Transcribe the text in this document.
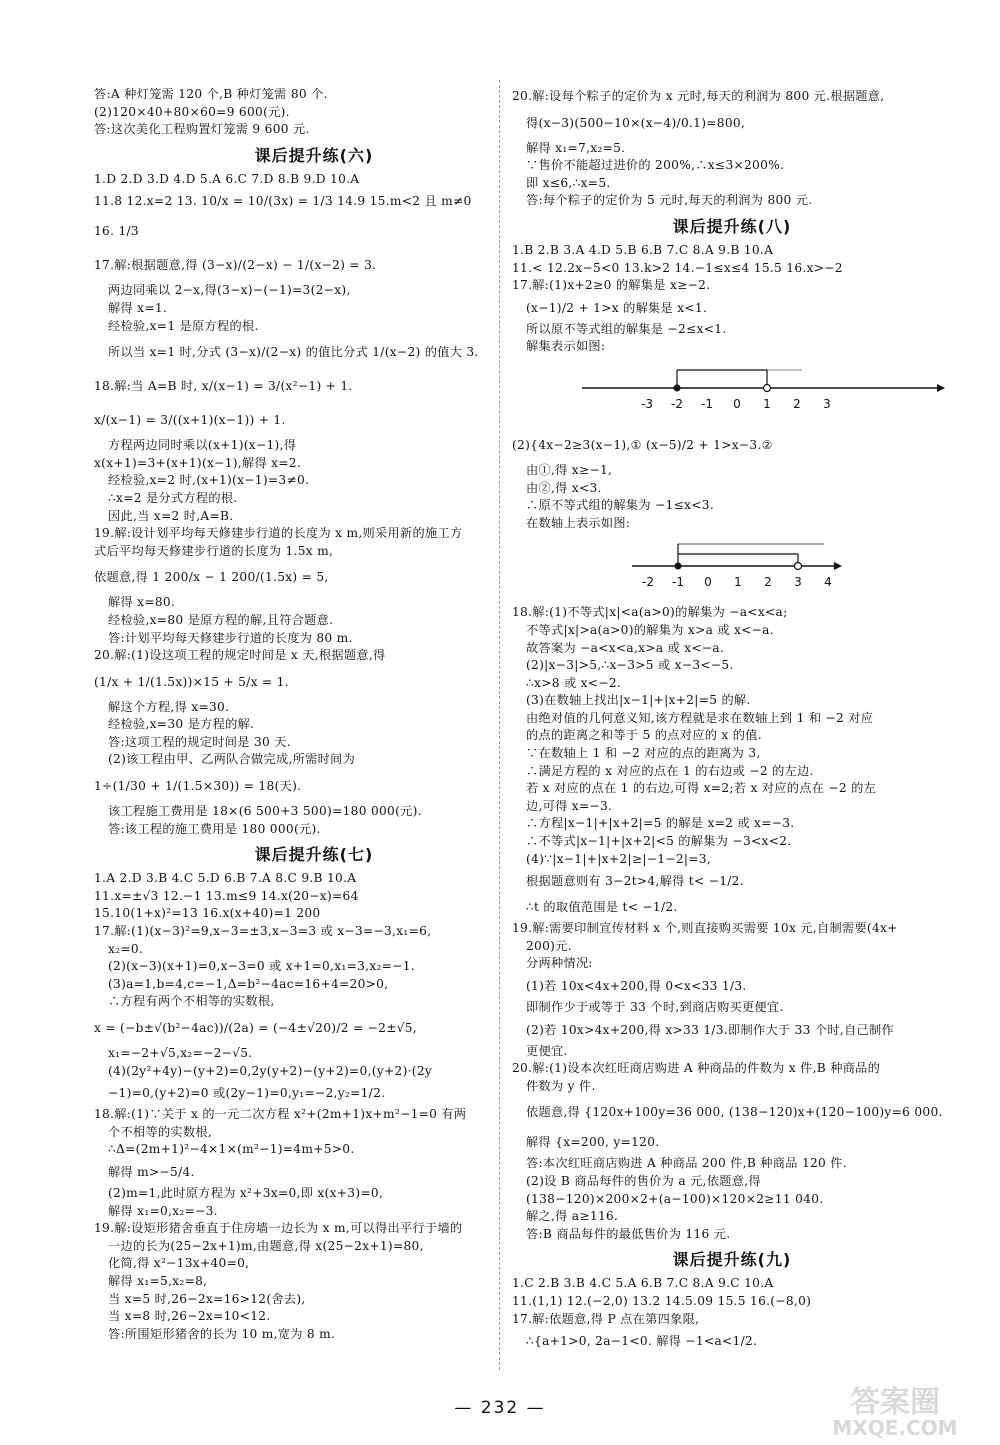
答:A 种灯笼需 120 个,B 种灯笼需 80 个.
(2)120×40+80×60=9 600(元).
答:这次美化工程购置灯笼需 9 600 元.
课后提升练(六)
1.D 2.D 3.D 4.D 5.A 6.C 7.D 8.B 9.D 10.A
11.8 12.x=2 13. 10/x = 10/(3x) = 1/3 14.9 15.m<2 且 m≠0
16. 1/3
17.解:根据题意,得 (3−x)/(2−x) − 1/(x−2) = 3.
两边同乘以 2−x,得(3−x)−(−1)=3(2−x),
解得 x=1.
经检验,x=1 是原方程的根.
所以当 x=1 时,分式 (3−x)/(2−x) 的值比分式 1/(x−2) 的值大 3.
18.解:当 A=B 时, x/(x−1) = 3/(x²−1) + 1.
x/(x−1) = 3/((x+1)(x−1)) + 1.
方程两边同时乘以(x+1)(x−1),得
x(x+1)=3+(x+1)(x−1),解得 x=2.
经检验,x=2 时,(x+1)(x−1)=3≠0.
∴x=2 是分式方程的根.
因此,当 x=2 时,A=B.
19.解:设计划平均每天修建步行道的长度为 x m,则采用新的施工方
式后平均每天修建步行道的长度为 1.5x m,
依题意,得 1 200/x − 1 200/(1.5x) = 5,
解得 x=80.
经检验,x=80 是原方程的解,且符合题意.
答:计划平均每天修建步行道的长度为 80 m.
20.解:(1)设这项工程的规定时间是 x 天,根据题意,得
(1/x + 1/(1.5x))×15 + 5/x = 1.
解这个方程,得 x=30.
经检验,x=30 是方程的解.
答:这项工程的规定时间是 30 天.
(2)该工程由甲、乙两队合做完成,所需时间为
1÷(1/30 + 1/(1.5×30)) = 18(天).
该工程施工费用是 18×(6 500+3 500)=180 000(元).
答:该工程的施工费用是 180 000(元).
课后提升练(七)
1.A 2.D 3.B 4.C 5.D 6.B 7.A 8.C 9.B 10.A
11.x=±√3 12.−1 13.m≤9 14.x(20−x)=64
15.10(1+x)²=13 16.x(x+40)=1 200
17.解:(1)(x−3)²=9,x−3=±3,x−3=3 或 x−3=−3,x₁=6,
x₂=0.
(2)(x−3)(x+1)=0,x−3=0 或 x+1=0,x₁=3,x₂=−1.
(3)a=1,b=4,c=−1,Δ=b²−4ac=16+4=20>0,
∴方程有两个不相等的实数根,
x = (−b±√(b²−4ac))/(2a) = (−4±√20)/2 = −2±√5,
x₁=−2+√5,x₂=−2−√5.
(4)(2y²+4y)−(y+2)=0,2y(y+2)−(y+2)=0,(y+2)·(2y
−1)=0,(y+2)=0 或(2y−1)=0,y₁=−2,y₂=1/2.
18.解:(1)∵关于 x 的一元二次方程 x²+(2m+1)x+m²−1=0 有两
个不相等的实数根,
∴Δ=(2m+1)²−4×1×(m²−1)=4m+5>0.
解得 m>−5/4.
(2)m=1,此时原方程为 x²+3x=0,即 x(x+3)=0,
解得 x₁=0,x₂=−3.
19.解:设矩形猪舍垂直于住房墙一边长为 x m,可以得出平行于墙的
一边的长为(25−2x+1)m,由题意,得 x(25−2x+1)=80,
化简,得 x²−13x+40=0,
解得 x₁=5,x₂=8,
当 x=5 时,26−2x=16>12(舍去),
当 x=8 时,26−2x=10<12.
答:所围矩形猪舍的长为 10 m,宽为 8 m.
20.解:设每个粽子的定价为 x 元时,每天的利润为 800 元.根据题意,
得(x−3)(500−10×(x−4)/0.1)=800,
解得 x₁=7,x₂=5.
∵售价不能超过进价的 200%,∴x≤3×200%.
即 x≤6,∴x=5.
答:每个粽子的定价为 5 元时,每天的利润为 800 元.
课后提升练(八)
1.B 2.B 3.A 4.D 5.B 6.B 7.C 8.A 9.B 10.A
11.< 12.2x−5<0 13.k>2 14.−1≤x≤4 15.5 16.x>−2
17.解:(1)x+2≥0 的解集是 x≥−2.
(x−1)/2 + 1>x 的解集是 x<1.
所以原不等式组的解集是 −2≤x<1.
解集表示如图:
-3 -2 -1 0 1 2 3
(2){4x−2≥3(x−1),① (x−5)/2 + 1>x−3.②
由①,得 x≥−1,
由②,得 x<3.
∴原不等式组的解集为 −1≤x<3.
在数轴上表示如图:
-2 -1 0 1 2 3 4
18.解:(1)不等式|x|<a(a>0)的解集为 −a<x<a;
不等式|x|>a(a>0)的解集为 x>a 或 x<−a.
故答案为 −a<x<a,x>a 或 x<−a.
(2)|x−3|>5,∴x−3>5 或 x−3<−5.
∴x>8 或 x<−2.
(3)在数轴上找出|x−1|+|x+2|=5 的解.
由绝对值的几何意义知,该方程就是求在数轴上到 1 和 −2 对应
的点的距离之和等于 5 的点对应的 x 的值.
∵在数轴上 1 和 −2 对应的点的距离为 3,
∴满足方程的 x 对应的点在 1 的右边或 −2 的左边.
若 x 对应的点在 1 的右边,可得 x=2;若 x 对应的点在 −2 的左
边,可得 x=−3.
∴方程|x−1|+|x+2|=5 的解是 x=2 或 x=−3.
∴不等式|x−1|+|x+2|<5 的解集为 −3<x<2.
(4)∵|x−1|+|x+2|≥|−1−2|=3,
根据题意则有 3−2t>4,解得 t< −1/2.
∴t 的取值范围是 t< −1/2.
19.解:需要印制宣传材料 x 个,则直接购买需要 10x 元,自制需要(4x+
200)元.
分两种情况:
(1)若 10x<4x+200,得 0<x<33 1/3.
即制作少于或等于 33 个时,到商店购买更便宜.
(2)若 10x>4x+200,得 x>33 1/3.即制作大于 33 个时,自己制作
更便宜.
20.解:(1)设本次红旺商店购进 A 种商品的件数为 x 件,B 种商品的
件数为 y 件.
依题意,得 {120x+100y=36 000, (138−120)x+(120−100)y=6 000.
解得 {x=200, y=120.
答:本次红旺商店购进 A 种商品 200 件,B 种商品 120 件.
(2)设 B 商品每件的售价为 a 元,依题意,得
(138−120)×200×2+(a−100)×120×2≥11 040.
解之,得 a≥116.
答:B 商品每件的最低售价为 116 元.
课后提升练(九)
1.C 2.B 3.B 4.C 5.A 6.B 7.C 8.A 9.C 10.A
11.(1,1) 12.(−2,0) 13.2 14.5.09 15.5 16.(−8,0)
17.解:依题意,得 P 点在第四象限,
∴{a+1>0, 2a−1<0. 解得 −1<a<1/2.
— 232 —	答案圈
MXQE.COM
